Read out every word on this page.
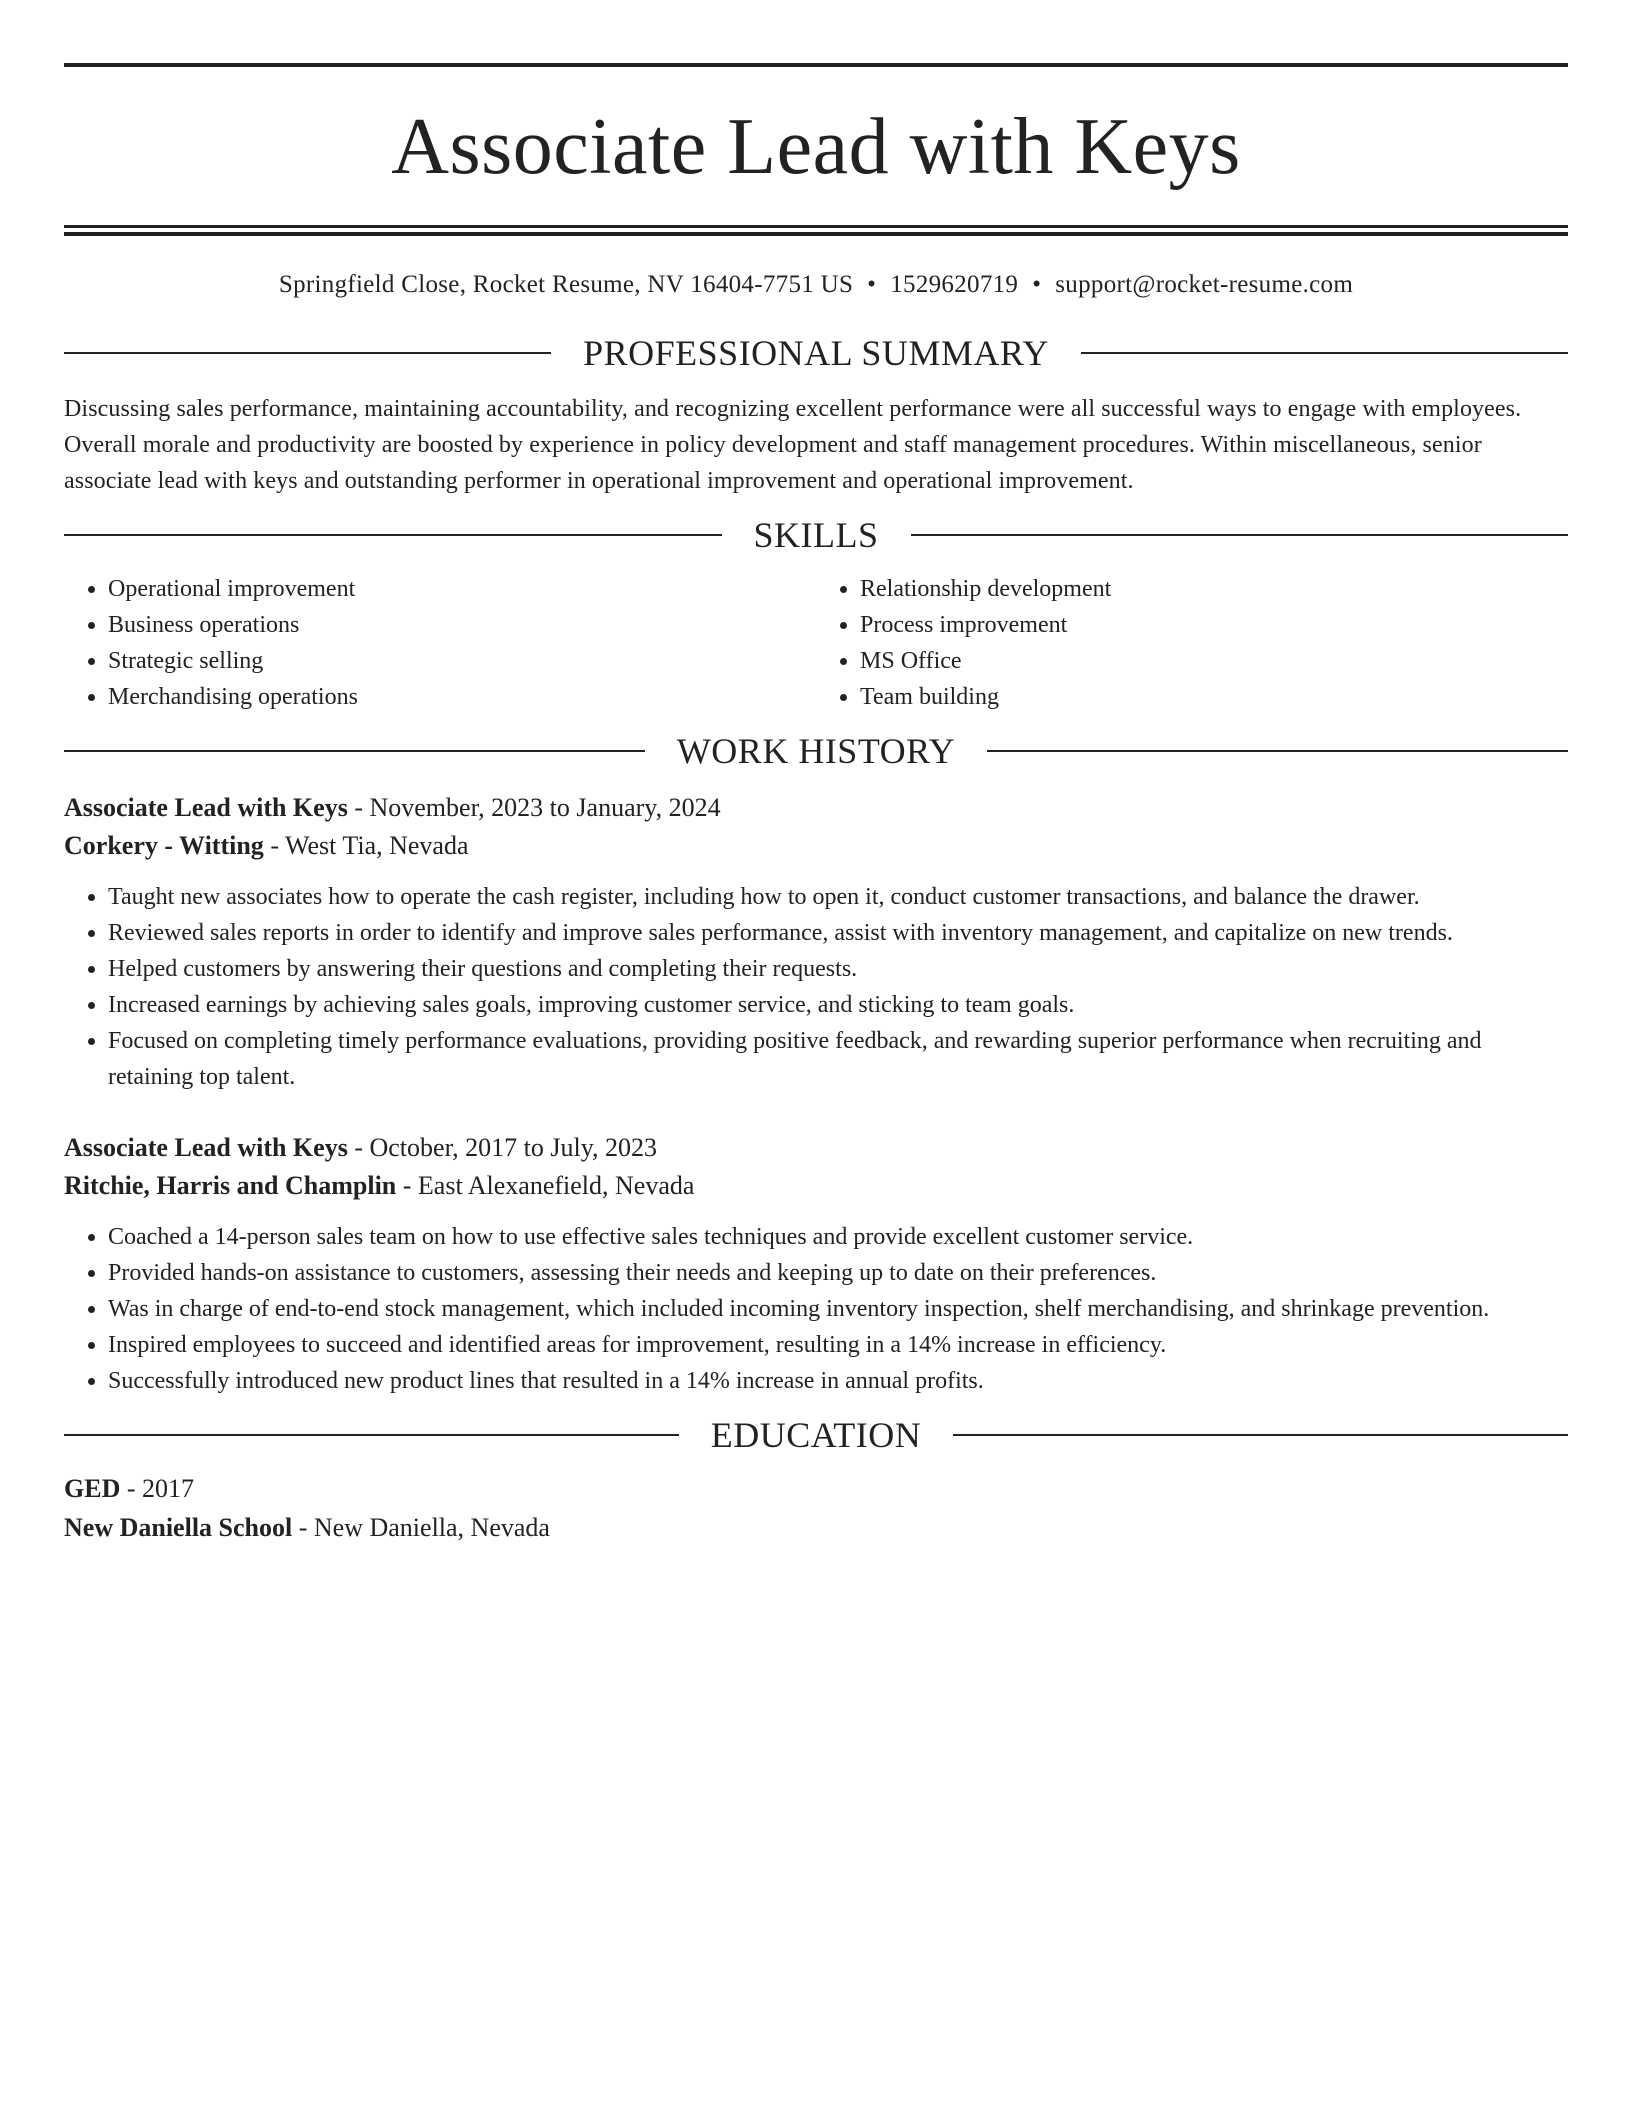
Associate Lead with Keys
Springfield Close, Rocket Resume, NV 16404-7751 US • 1529620719 • support@rocket-resume.com
PROFESSIONAL SUMMARY

Discussing sales performance, maintaining accountability, and recognizing excellent performance were all successful ways to engage with employees. Overall morale and productivity are boosted by experience in policy development and staff management procedures. Within miscellaneous, senior associate lead with keys and outstanding performer in operational improvement and operational improvement.

SKILLS
• Operational improvement
• Business operations
• Strategic selling
• Merchandising operations
• Relationship development
• Process improvement
• MS Office
• Team building
WORK HISTORY
Associate Lead with Keys - November, 2023 to January, 2024
Corkery - Witting - West Tia, Nevada
• Taught new associates how to operate the cash register, including how to open it, conduct customer transactions, and balance the drawer.
• Reviewed sales reports in order to identify and improve sales performance, assist with inventory management, and capitalize on new trends.
• Helped customers by answering their questions and completing their requests.
• Increased earnings by achieving sales goals, improving customer service, and sticking to team goals.
• Focused on completing timely performance evaluations, providing positive feedback, and rewarding superior performance when recruiting and retaining top talent.
Associate Lead with Keys - October, 2017 to July, 2023
Ritchie, Harris and Champlin - East Alexanefield, Nevada
• Coached a 14-person sales team on how to use effective sales techniques and provide excellent customer service.
• Provided hands-on assistance to customers, assessing their needs and keeping up to date on their preferences.
• Was in charge of end-to-end stock management, which included incoming inventory inspection, shelf merchandising, and shrinkage prevention.
• Inspired employees to succeed and identified areas for improvement, resulting in a 14% increase in efficiency.
• Successfully introduced new product lines that resulted in a 14% increase in annual profits.
EDUCATION
GED - 2017
New Daniella School - New Daniella, Nevada
